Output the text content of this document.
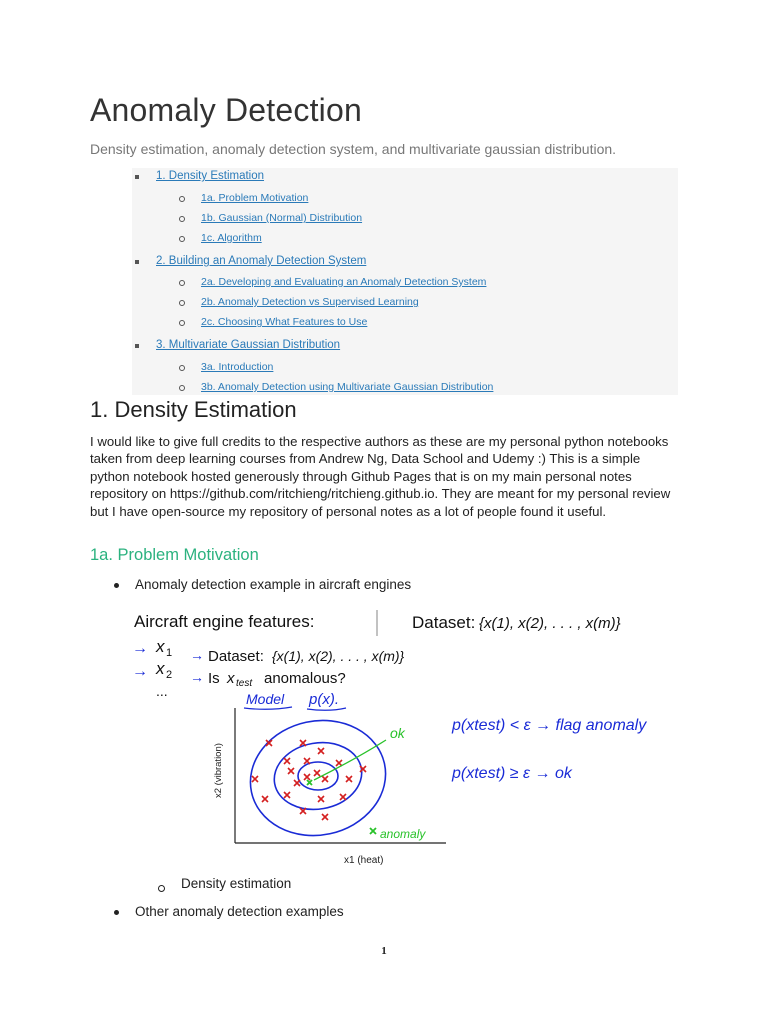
Anomaly Detection
Density estimation, anomaly detection system, and multivariate gaussian distribution.
1. Density Estimation
1a. Problem Motivation
1b. Gaussian (Normal) Distribution
1c. Algorithm
2. Building an Anomaly Detection System
2a. Developing and Evaluating an Anomaly Detection System
2b. Anomaly Detection vs Supervised Learning
2c. Choosing What Features to Use
3. Multivariate Gaussian Distribution
3a. Introduction
3b. Anomaly Detection using Multivariate Gaussian Distribution
1. Density Estimation
I would like to give full credits to the respective authors as these are my personal python notebooks taken from deep learning courses from Andrew Ng, Data School and Udemy :) This is a simple python notebook hosted generously through Github Pages that is on my main personal notes repository on https://github.com/ritchieng/ritchieng.github.io. They are meant for my personal review but I have open-source my repository of personal notes as a lot of people found it useful.
1a. Problem Motivation
Anomaly detection example in aircraft engines
Aircraft engine features:	Dataset: {x(1), x(2), . . . , x(m)}
→ x 1
→ x 2
...
→ Dataset: {x(1), x(2), . . . , x(m)}
→ Is x test anomalous?
Model p(x).
x2 (vibration)
x1 (heat)
ok
anomaly
p(xtest) < ε → flag anomaly
p(xtest) ≥ ε → ok
Density estimation
Other anomaly detection examples
1
